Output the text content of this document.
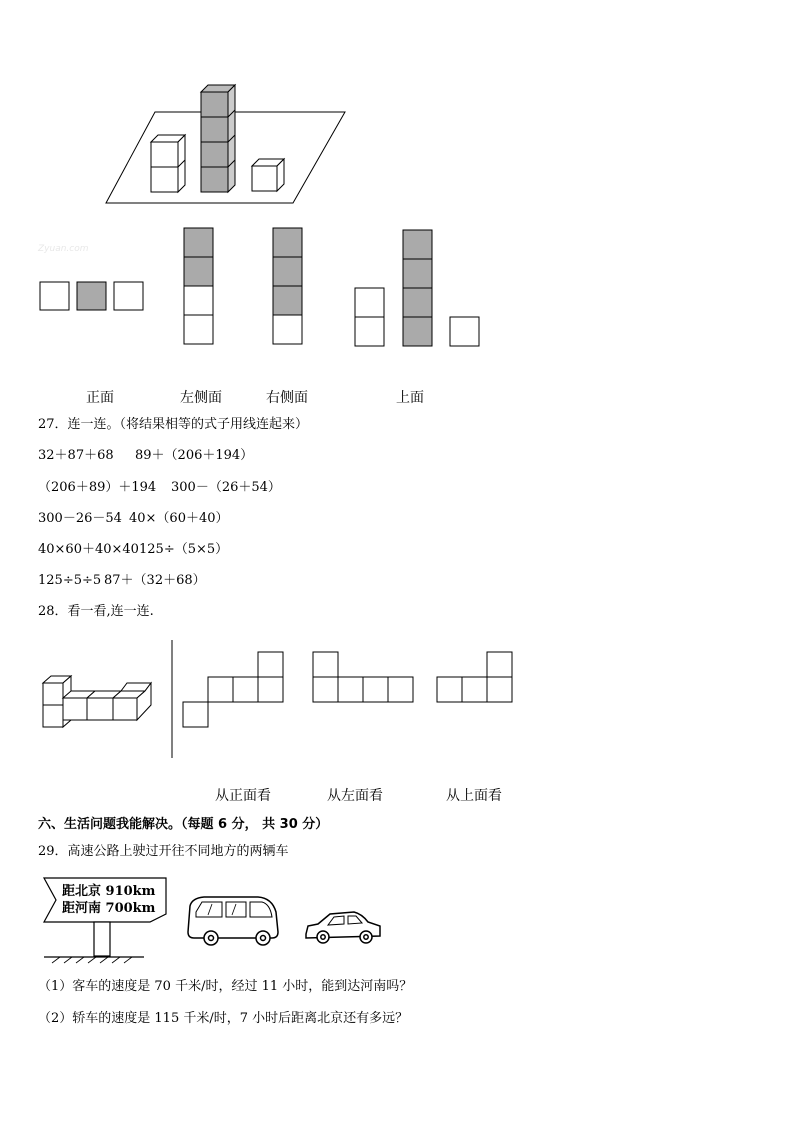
Zyuan.com
正面	左侧面	右侧面	上面
27．连一连。（将结果相等的式子用线连起来）
32＋87＋68 89＋（206＋194）
（206＋89）＋194 300－（26＋54）
300－26－54 40×（60＋40）
40×60＋40×40 125÷（5×5）
125÷5÷5 87＋（32＋68）
28．看一看,连一连.
从正面看	从左面看	从上面看
六、生活问题我能解决。（每题 6 分， 共 30 分）
29．高速公路上驶过开往不同地方的两辆车
距北京 910km
距河南 700km
（1）客车的速度是 70 千米/时，经过 11 小时，能到达河南吗？
（2）轿车的速度是 115 千米/时，7 小时后距离北京还有多远？
